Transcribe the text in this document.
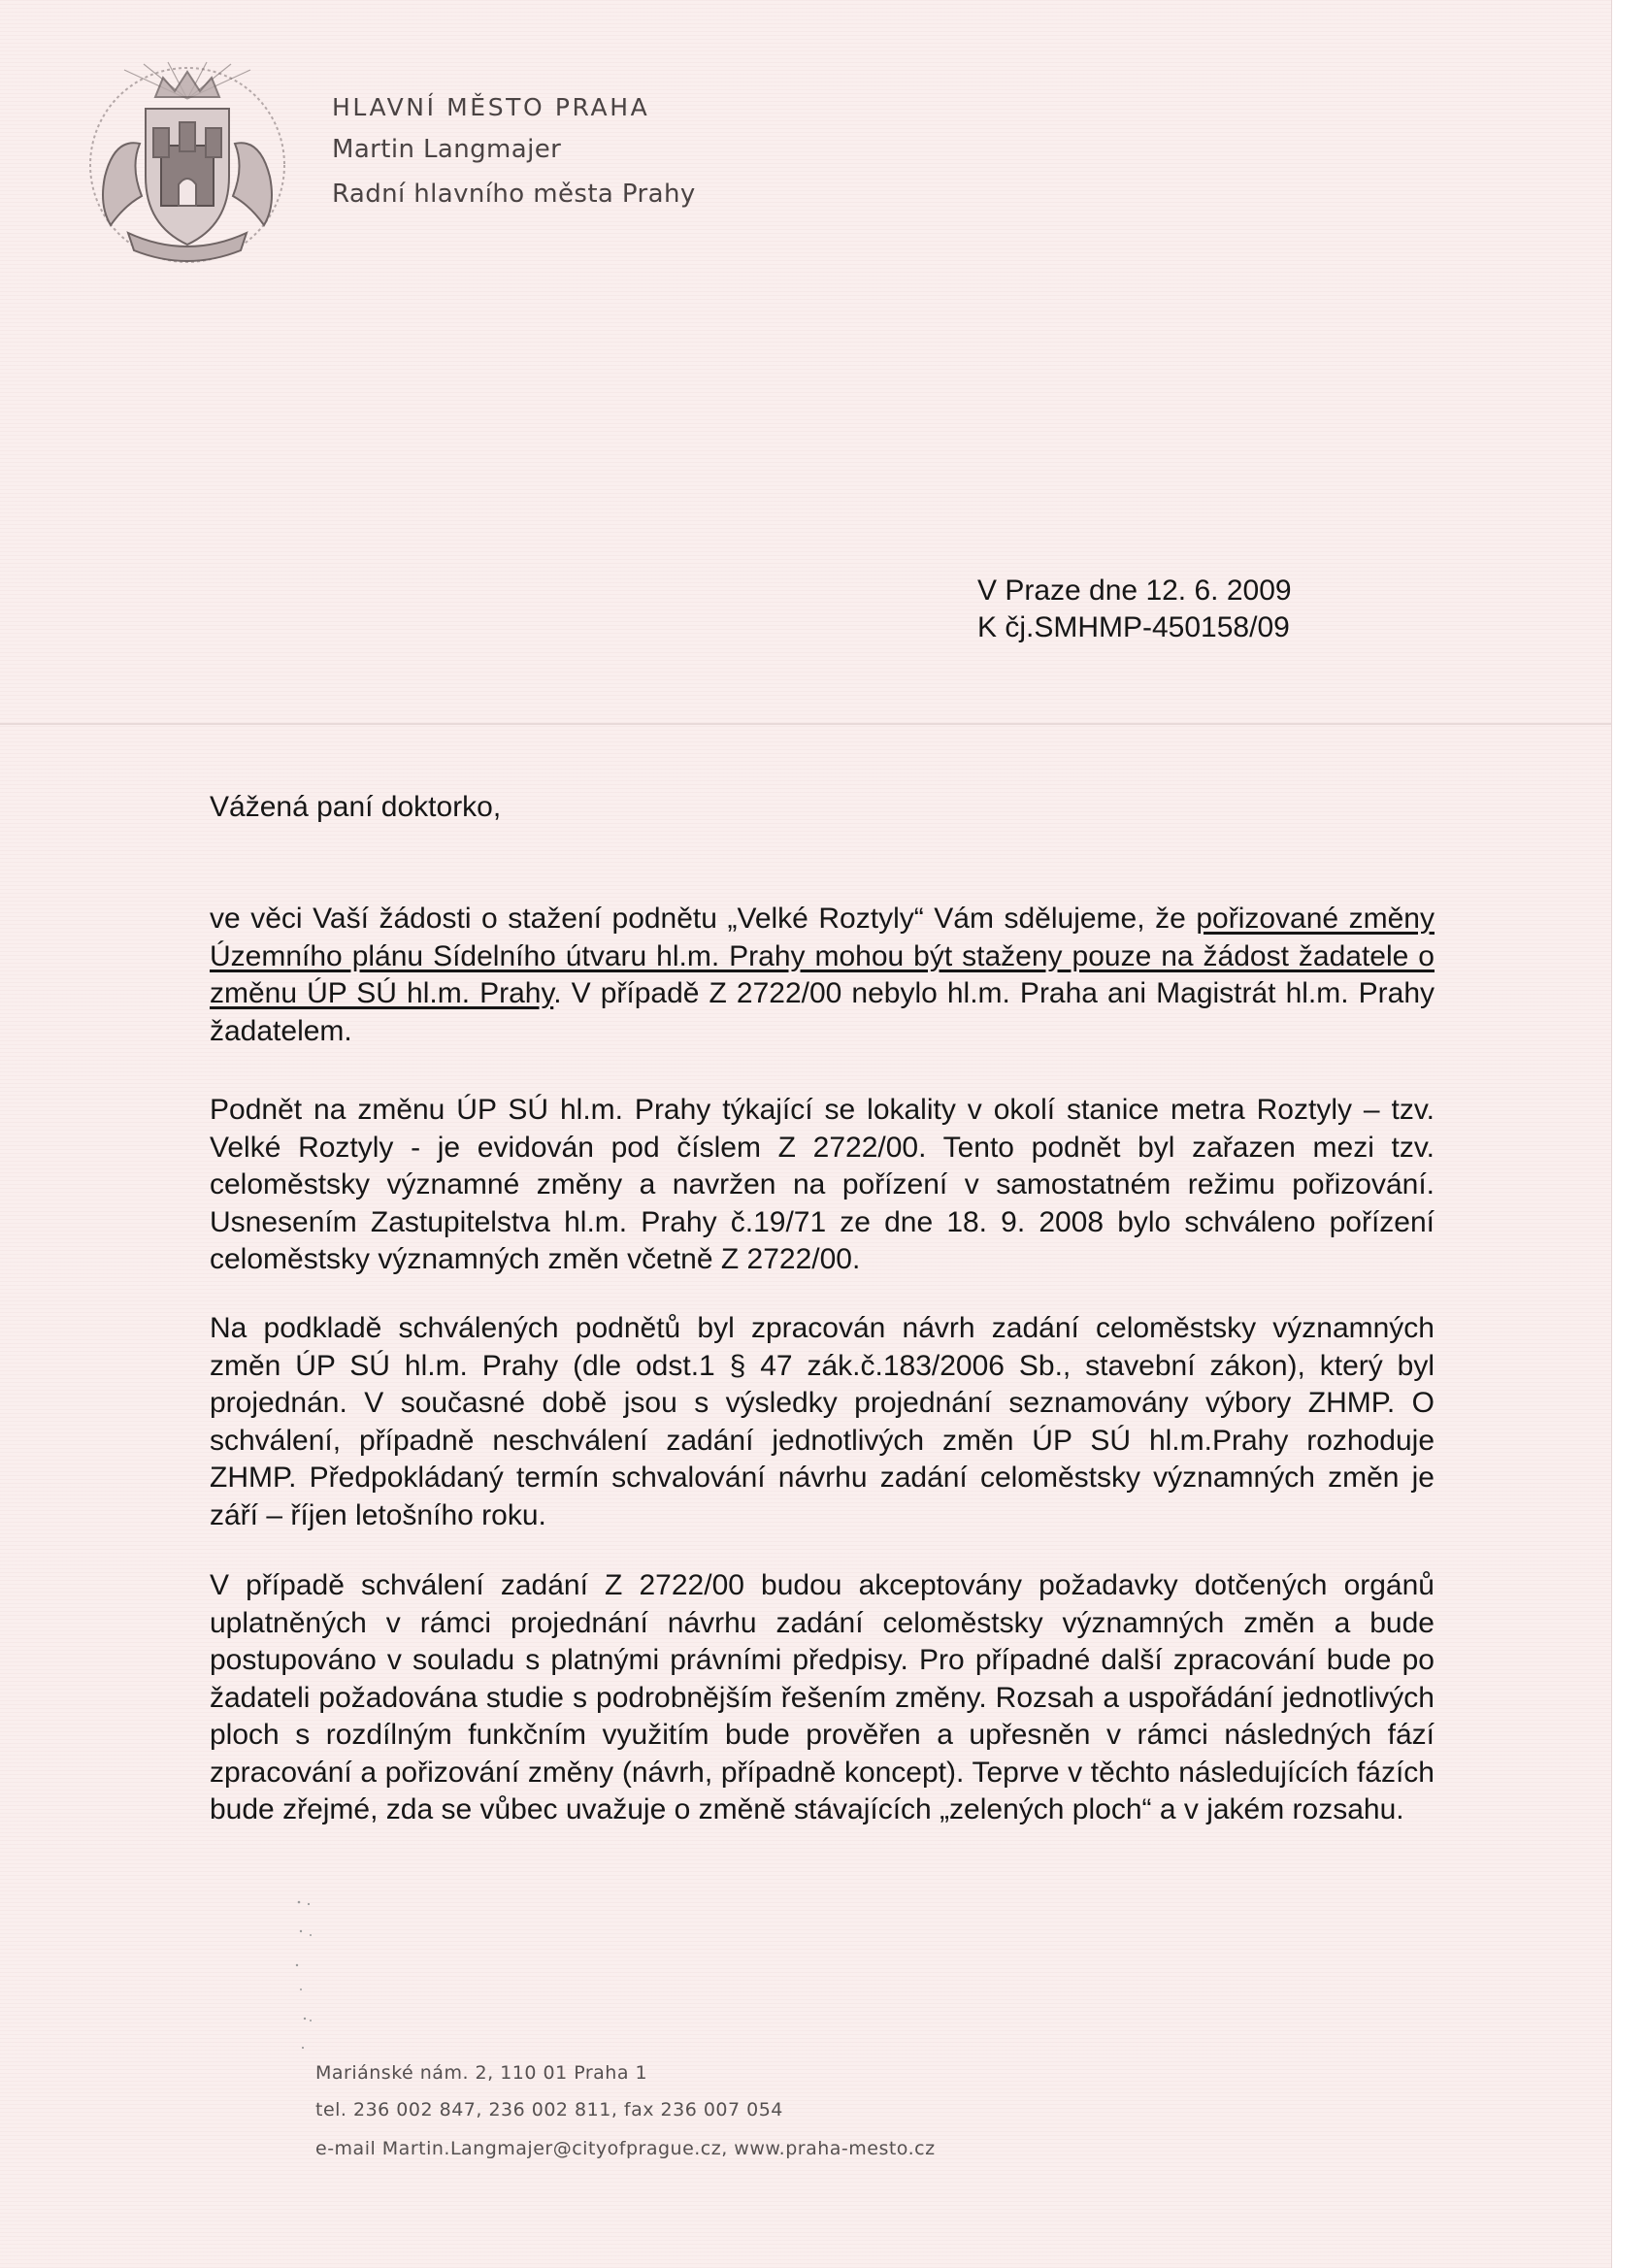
HLAVNÍ MĚSTO PRAHA
Martin Langmajer
Radní hlavního města Prahy
V Praze dne 12. 6. 2009
K čj.SMHMP-450158/09
Vážená paní doktorko,

ve věci Vaší žádosti o stažení podnětu „Velké Roztyly“ Vám sdělujeme, že pořizované změny Územního plánu Sídelního útvaru hl.m. Prahy mohou být staženy pouze na žádost žadatele o změnu ÚP SÚ hl.m. Prahy. V případě Z 2722/00 nebylo hl.m. Praha ani Magistrát hl.m. Prahy žadatelem.

Podnět na změnu ÚP SÚ hl.m. Prahy týkající se lokality v okolí stanice metra Roztyly – tzv. Velké Roztyly - je evidován pod číslem Z 2722/00. Tento podnět byl zařazen mezi tzv. celoměstsky významné změny a navržen na pořízení v samostatném režimu pořizování. Usnesením Zastupitelstva hl.m. Prahy č.19/71 ze dne 18. 9. 2008 bylo schváleno pořízení celoměstsky významných změn včetně Z 2722/00.

Na podkladě schválených podnětů byl zpracován návrh zadání celoměstsky významných změn ÚP SÚ hl.m. Prahy (dle odst.1 § 47 zák.č.183/2006 Sb., stavební zákon), který byl projednán. V současné době jsou s výsledky projednání seznamovány výbory ZHMP. O schválení, případně neschválení zadání jednotlivých změn ÚP SÚ hl.m.Prahy rozhoduje ZHMP. Předpokládaný termín schvalování návrhu zadání celoměstsky významných změn je září – říjen letošního roku.

V případě schválení zadání Z 2722/00 budou akceptovány požadavky dotčených orgánů uplatněných v rámci projednání návrhu zadání celoměstsky významných změn a bude postupováno v souladu s platnými právními předpisy. Pro případné další zpracování bude po žadateli požadována studie s podrobnějším řešením změny. Rozsah a uspořádání jednotlivých ploch s rozdílným funkčním využitím bude prověřen a upřesněn v rámci následných fází zpracování a pořizování změny (návrh, případně koncept). Teprve v těchto následujících fázích bude zřejmé, zda se vůbec uvažuje o změně stávajících „zelených ploch“ a v jakém rozsahu.

Mariánské nám. 2, 110 01 Praha 1
tel. 236 002 847, 236 002 811, fax 236 007 054
e-mail Martin.Langmajer@cityofprague.cz, www.praha-mesto.cz
